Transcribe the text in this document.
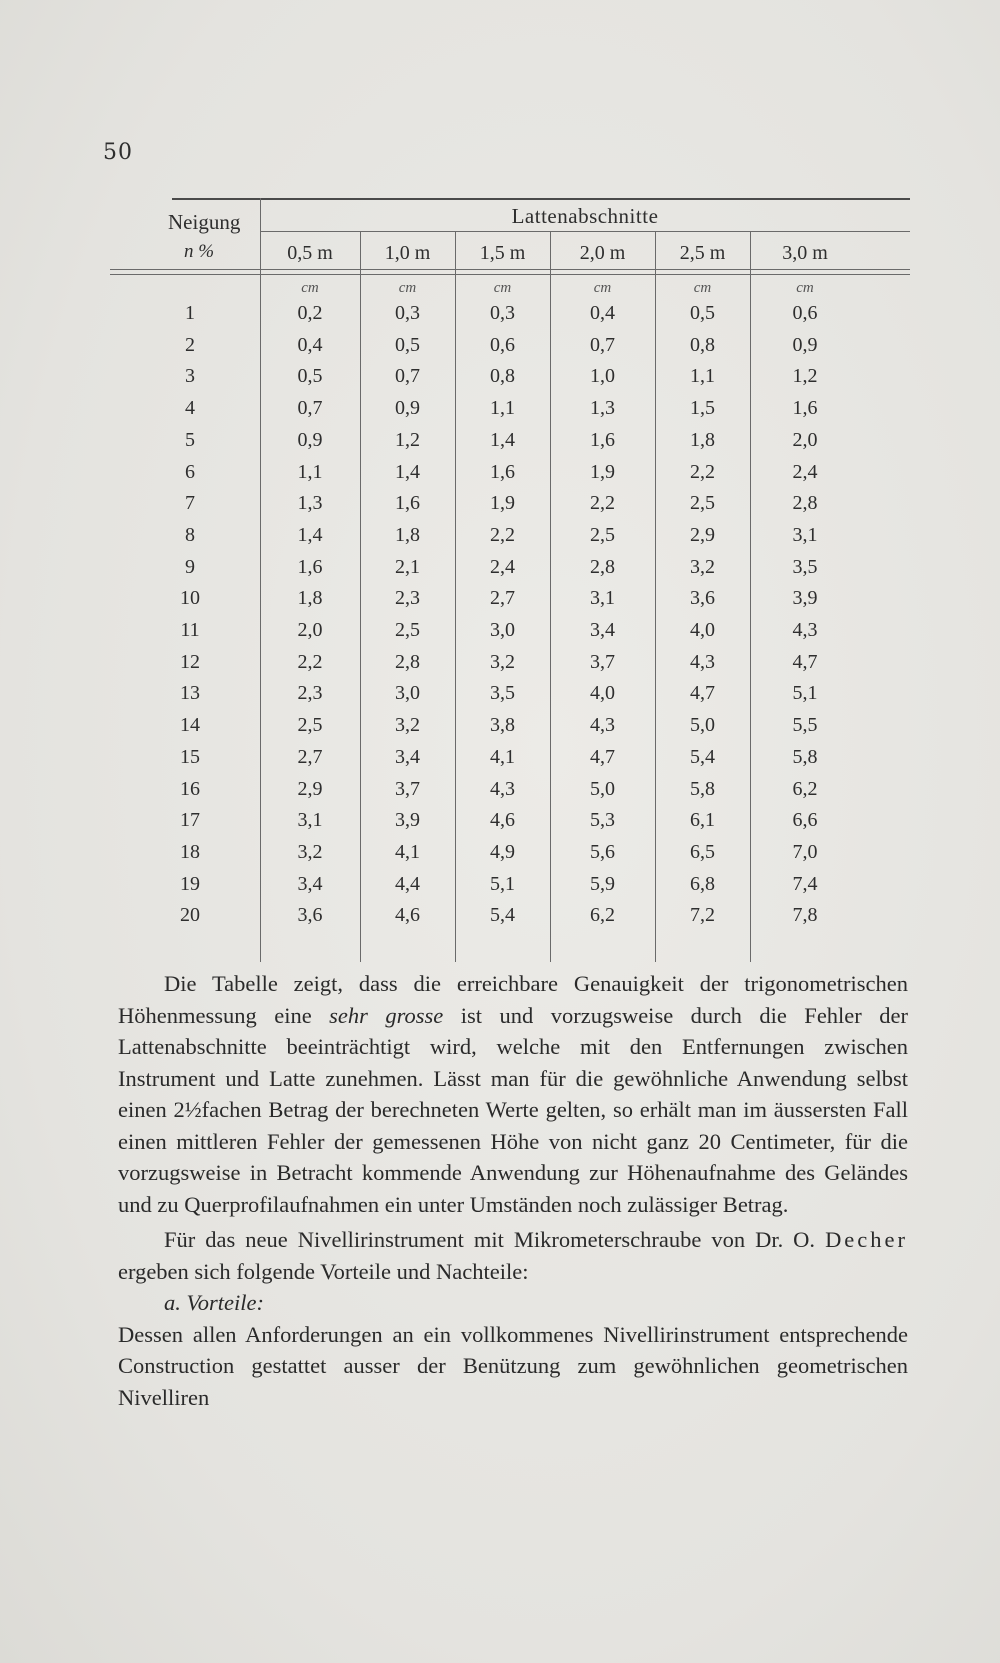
50
Neigung
n %
Lattenabschnitte
0,5 m	1,0 m	1,5 m	2,0 m	2,5 m	3,0 m
cm	cm	cm	cm	cm	cm
1	0,2	0,3	0,3	0,4	0,5	0,6
2	0,4	0,5	0,6	0,7	0,8	0,9
3	0,5	0,7	0,8	1,0	1,1	1,2
4	0,7	0,9	1,1	1,3	1,5	1,6
5	0,9	1,2	1,4	1,6	1,8	2,0
6	1,1	1,4	1,6	1,9	2,2	2,4
7	1,3	1,6	1,9	2,2	2,5	2,8
8	1,4	1,8	2,2	2,5	2,9	3,1
9	1,6	2,1	2,4	2,8	3,2	3,5
10	1,8	2,3	2,7	3,1	3,6	3,9
11	2,0	2,5	3,0	3,4	4,0	4,3
12	2,2	2,8	3,2	3,7	4,3	4,7
13	2,3	3,0	3,5	4,0	4,7	5,1
14	2,5	3,2	3,8	4,3	5,0	5,5
15	2,7	3,4	4,1	4,7	5,4	5,8
16	2,9	3,7	4,3	5,0	5,8	6,2
17	3,1	3,9	4,6	5,3	6,1	6,6
18	3,2	4,1	4,9	5,6	6,5	7,0
19	3,4	4,4	5,1	5,9	6,8	7,4
20	3,6	4,6	5,4	6,2	7,2	7,8

Die Tabelle zeigt, dass die erreichbare Genauigkeit der trigonometrischen Höhenmessung eine sehr grosse ist und vorzugsweise durch die Fehler der Lattenabschnitte beeinträchtigt wird, welche mit den Entfernungen zwischen Instrument und Latte zunehmen. Lässt man für die gewöhnliche Anwendung selbst einen 2½fachen Betrag der berechneten Werte gelten, so erhält man im äussersten Fall einen mittleren Fehler der gemessenen Höhe von nicht ganz 20 Centimeter, für die vorzugsweise in Betracht kommende Anwendung zur Höhenaufnahme des Geländes und zu Querprofilaufnahmen ein unter Umständen noch zulässiger Betrag.

Für das neue Nivellirinstrument mit Mikrometerschraube von Dr. O. Decher ergeben sich folgende Vorteile und Nachteile:

a. Vorteile:

Dessen allen Anforderungen an ein vollkommenes Nivellirinstrument entsprechende Construction gestattet ausser der Benützung zum gewöhnlichen geometrischen Nivelliren
